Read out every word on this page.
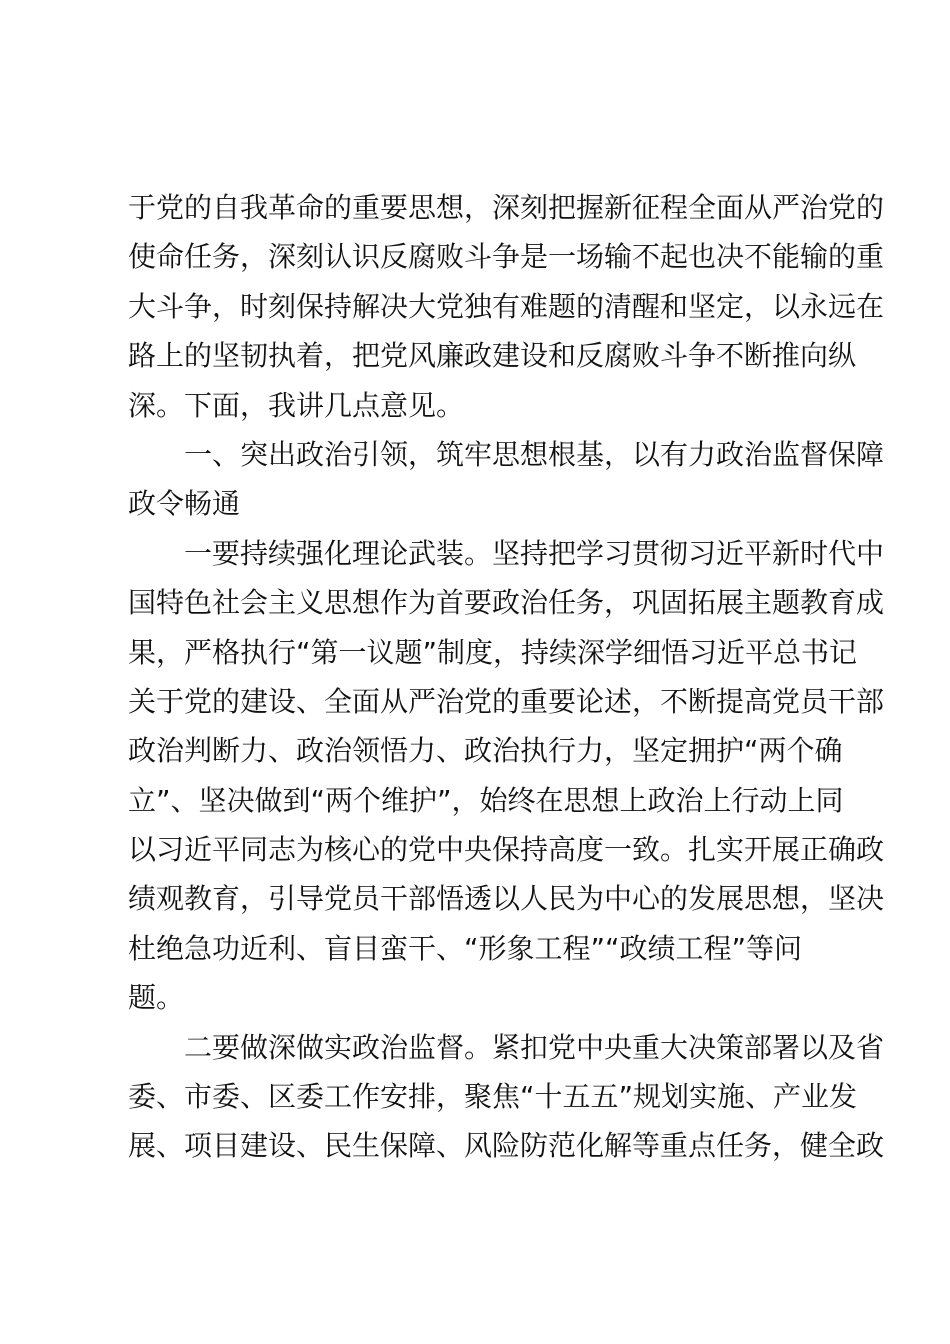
于党的自我革命的重要思想，深刻把握新征程全面从严治党的
使命任务，深刻认识反腐败斗争是一场输不起也决不能输的重
大斗争，时刻保持解决大党独有难题的清醒和坚定，以永远在
路上的坚韧执着，把党风廉政建设和反腐败斗争不断推向纵
深。下面，我讲几点意见。
一、突出政治引领，筑牢思想根基，以有力政治监督保障
政令畅通
一要持续强化理论武装。坚持把学习贯彻习近平新时代中
国特色社会主义思想作为首要政治任务，巩固拓展主题教育成
果，严格执行“第一议题”制度，持续深学细悟习近平总书记
关于党的建设、全面从严治党的重要论述，不断提高党员干部
政治判断力、政治领悟力、政治执行力，坚定拥护“两个确
立”、坚决做到“两个维护”，始终在思想上政治上行动上同
以习近平同志为核心的党中央保持高度一致。扎实开展正确政
绩观教育，引导党员干部悟透以人民为中心的发展思想，坚决
杜绝急功近利、盲目蛮干、“形象工程”“政绩工程”等问
题。
二要做深做实政治监督。紧扣党中央重大决策部署以及省
委、市委、区委工作安排，聚焦“十五五”规划实施、产业发
展、项目建设、民生保障、风险防范化解等重点任务，健全政
